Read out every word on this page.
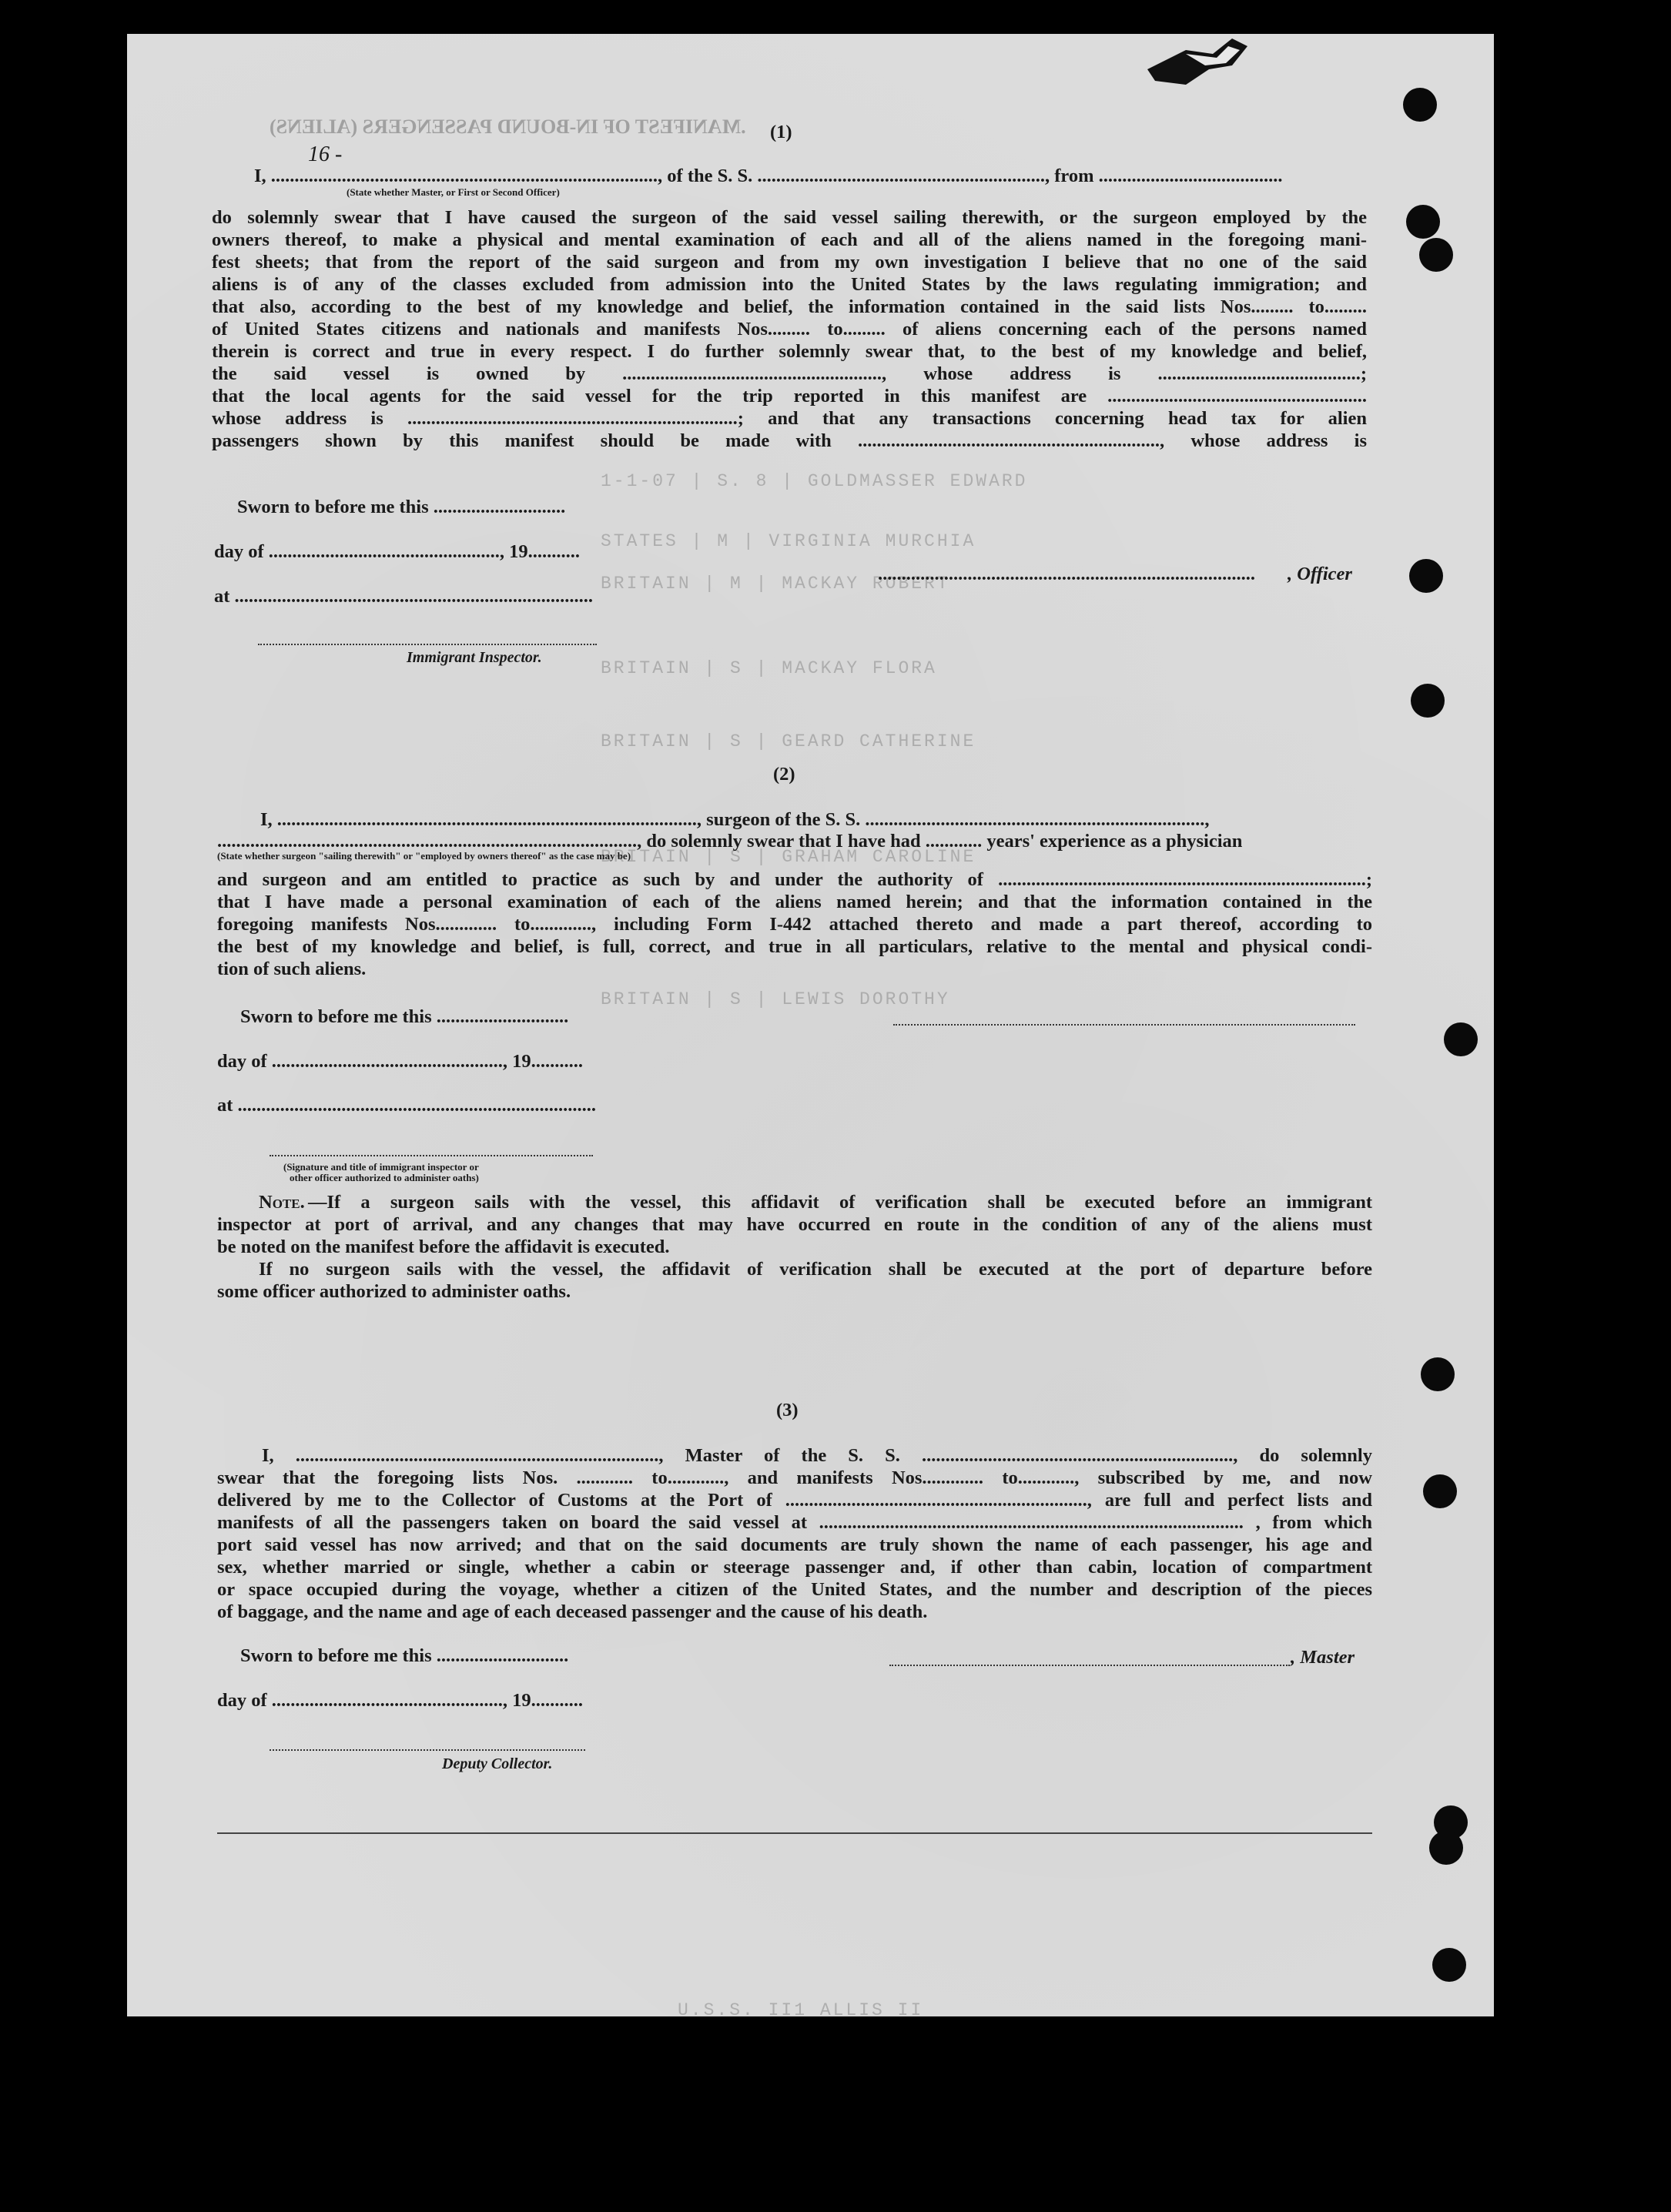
.MANIFEST OF IN-BOUND PASSENGERS (ALIENS)
1-1-07 | S. 8 | GOLDMASSER EDWARD
STATES | M | VIRGINIA MURCHIA
BRITAIN | M | MACKAY ROBERT
BRITAIN | S | MACKAY FLORA
BRITAIN | S | GEARD CATHERINE
BRITAIN | S | GRAHAM CAROLINE
BRITAIN | S | LEWIS DOROTHY
U.S.S. II1 ALLIS II
(1)
16 -
I, .................................................................................., of the S. S. ............................................................., from .......................................
(State whether Master, or First or Second Officer)
do solemnly swear that I have caused the surgeon of the said vessel sailing therewith, or the surgeon employed by the
owners thereof, to make a physical and mental examination of each and all of the aliens named in the foregoing mani-
fest sheets; that from the report of the said surgeon and from my own investigation I believe that no one of the said
aliens is of any of the classes excluded from admission into the United States by the laws regulating immigration; and
that also, according to the best of my knowledge and belief, the information contained in the said lists Nos......... to.........
of United States citizens and nationals and manifests Nos......... to......... of aliens concerning each of the persons named
therein is correct and true in every respect. I do further solemnly swear that, to the best of my knowledge and belief,
the said vessel is owned by ......................................................., whose address is ...........................................;
that the local agents for the said vessel for the trip reported in this manifest are .......................................................
whose address is ......................................................................; and that any transactions concerning head tax for alien
passengers shown by this manifest should be made with ................................................................, whose address is
Sworn to before me this ............................
day of ................................................., 19...........
at ............................................................................
Immigrant Inspector.
................................................................................	, Officer
(2)
I, ........................................................................................., surgeon of the S. S. ........................................................................,
........................................................................................., do solemnly swear that I have had ............ years' experience as a physician
(State whether surgeon "sailing therewith" or "employed by owners thereof" as the case may be)
and surgeon and am entitled to practice as such by and under the authority of ..............................................................................;
that I have made a personal examination of each of the aliens named herein; and that the information contained in the
foregoing manifests Nos............. to............., including Form I-442 attached thereto and made a part thereof, according to
the best of my knowledge and belief, is full, correct, and true in all particulars, relative to the mental and physical condi-
tion of such aliens.
Sworn to before me this ............................
day of ................................................., 19...........
at ............................................................................
(Signature and title of immigrant inspector or
other officer authorized to administer oaths)
Note. —If a surgeon sails with the vessel, this affidavit of verification shall be executed before an immigrant
inspector at port of arrival, and any changes that may have occurred en route in the condition of any of the aliens must
be noted on the manifest before the affidavit is executed.
If no surgeon sails with the vessel, the affidavit of verification shall be executed at the port of departure before
some officer authorized to administer oaths.
(3)
I, ............................................................................., Master of the S. S. .................................................................., do solemnly
swear that the foregoing lists Nos. ............ to............, and manifests Nos............. to............, subscribed by me, and now
delivered by me to the Collector of Customs at the Port of ................................................................, are full and perfect lists and
manifests of all the passengers taken on board the said vessel at .......................................................................................... , from which
port said vessel has now arrived; and that on the said documents are truly shown the name of each passenger, his age and
sex, whether married or single, whether a cabin or steerage passenger and, if other than cabin, location of compartment
or space occupied during the voyage, whether a citizen of the United States, and the number and description of the pieces
of baggage, and the name and age of each deceased passenger and the cause of his death.
Sworn to before me this ............................	, Master
day of ................................................., 19...........
Deputy Collector.
